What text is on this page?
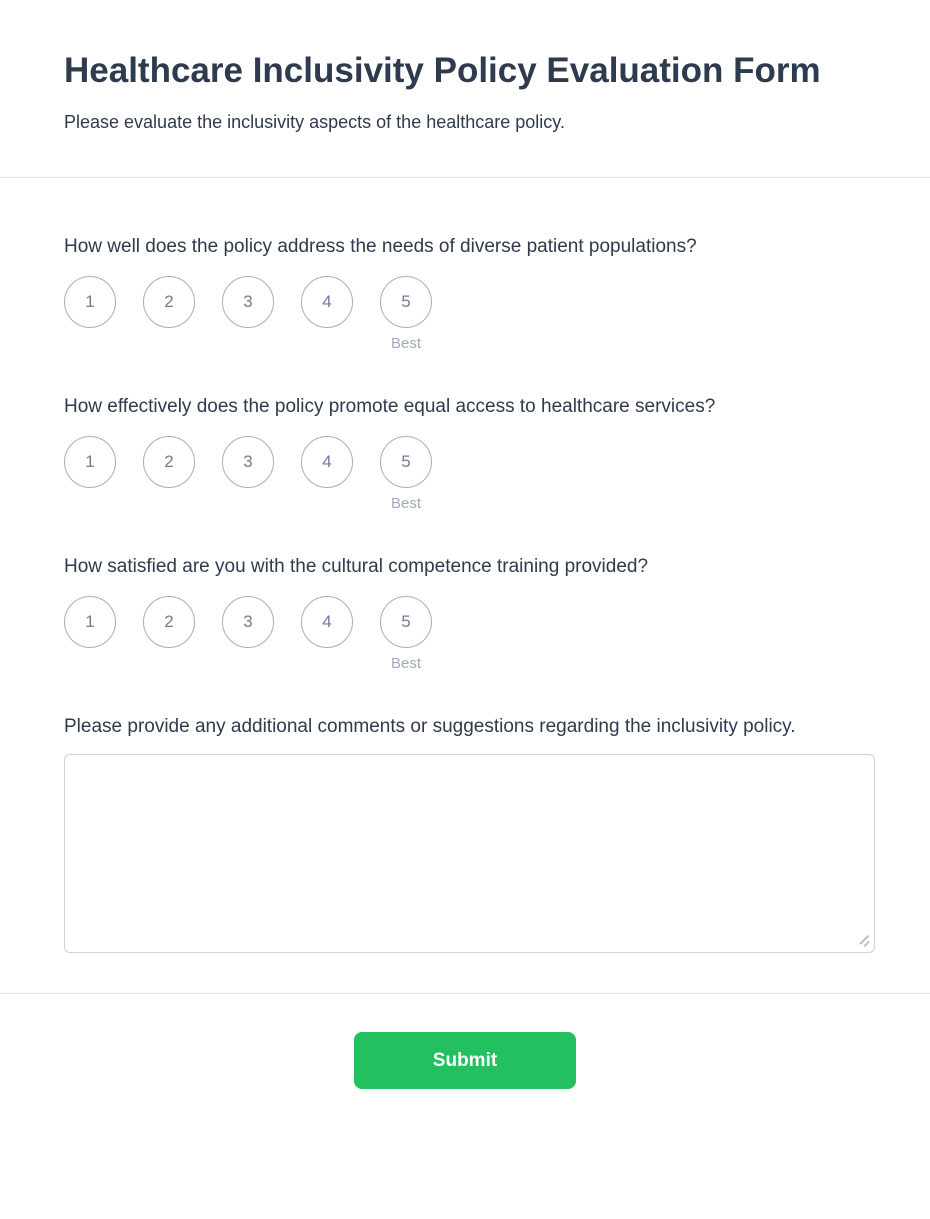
Healthcare Inclusivity Policy Evaluation Form

Please evaluate the inclusivity aspects of the healthcare policy.

How well does the policy address the needs of diverse patient populations?
1	2	3	4	5
Best
How effectively does the policy promote equal access to healthcare services?
1	2	3	4	5
Best
How satisfied are you with the cultural competence training provided?
1	2	3	4	5
Best
Please provide any additional comments or suggestions regarding the inclusivity policy.
Submit
